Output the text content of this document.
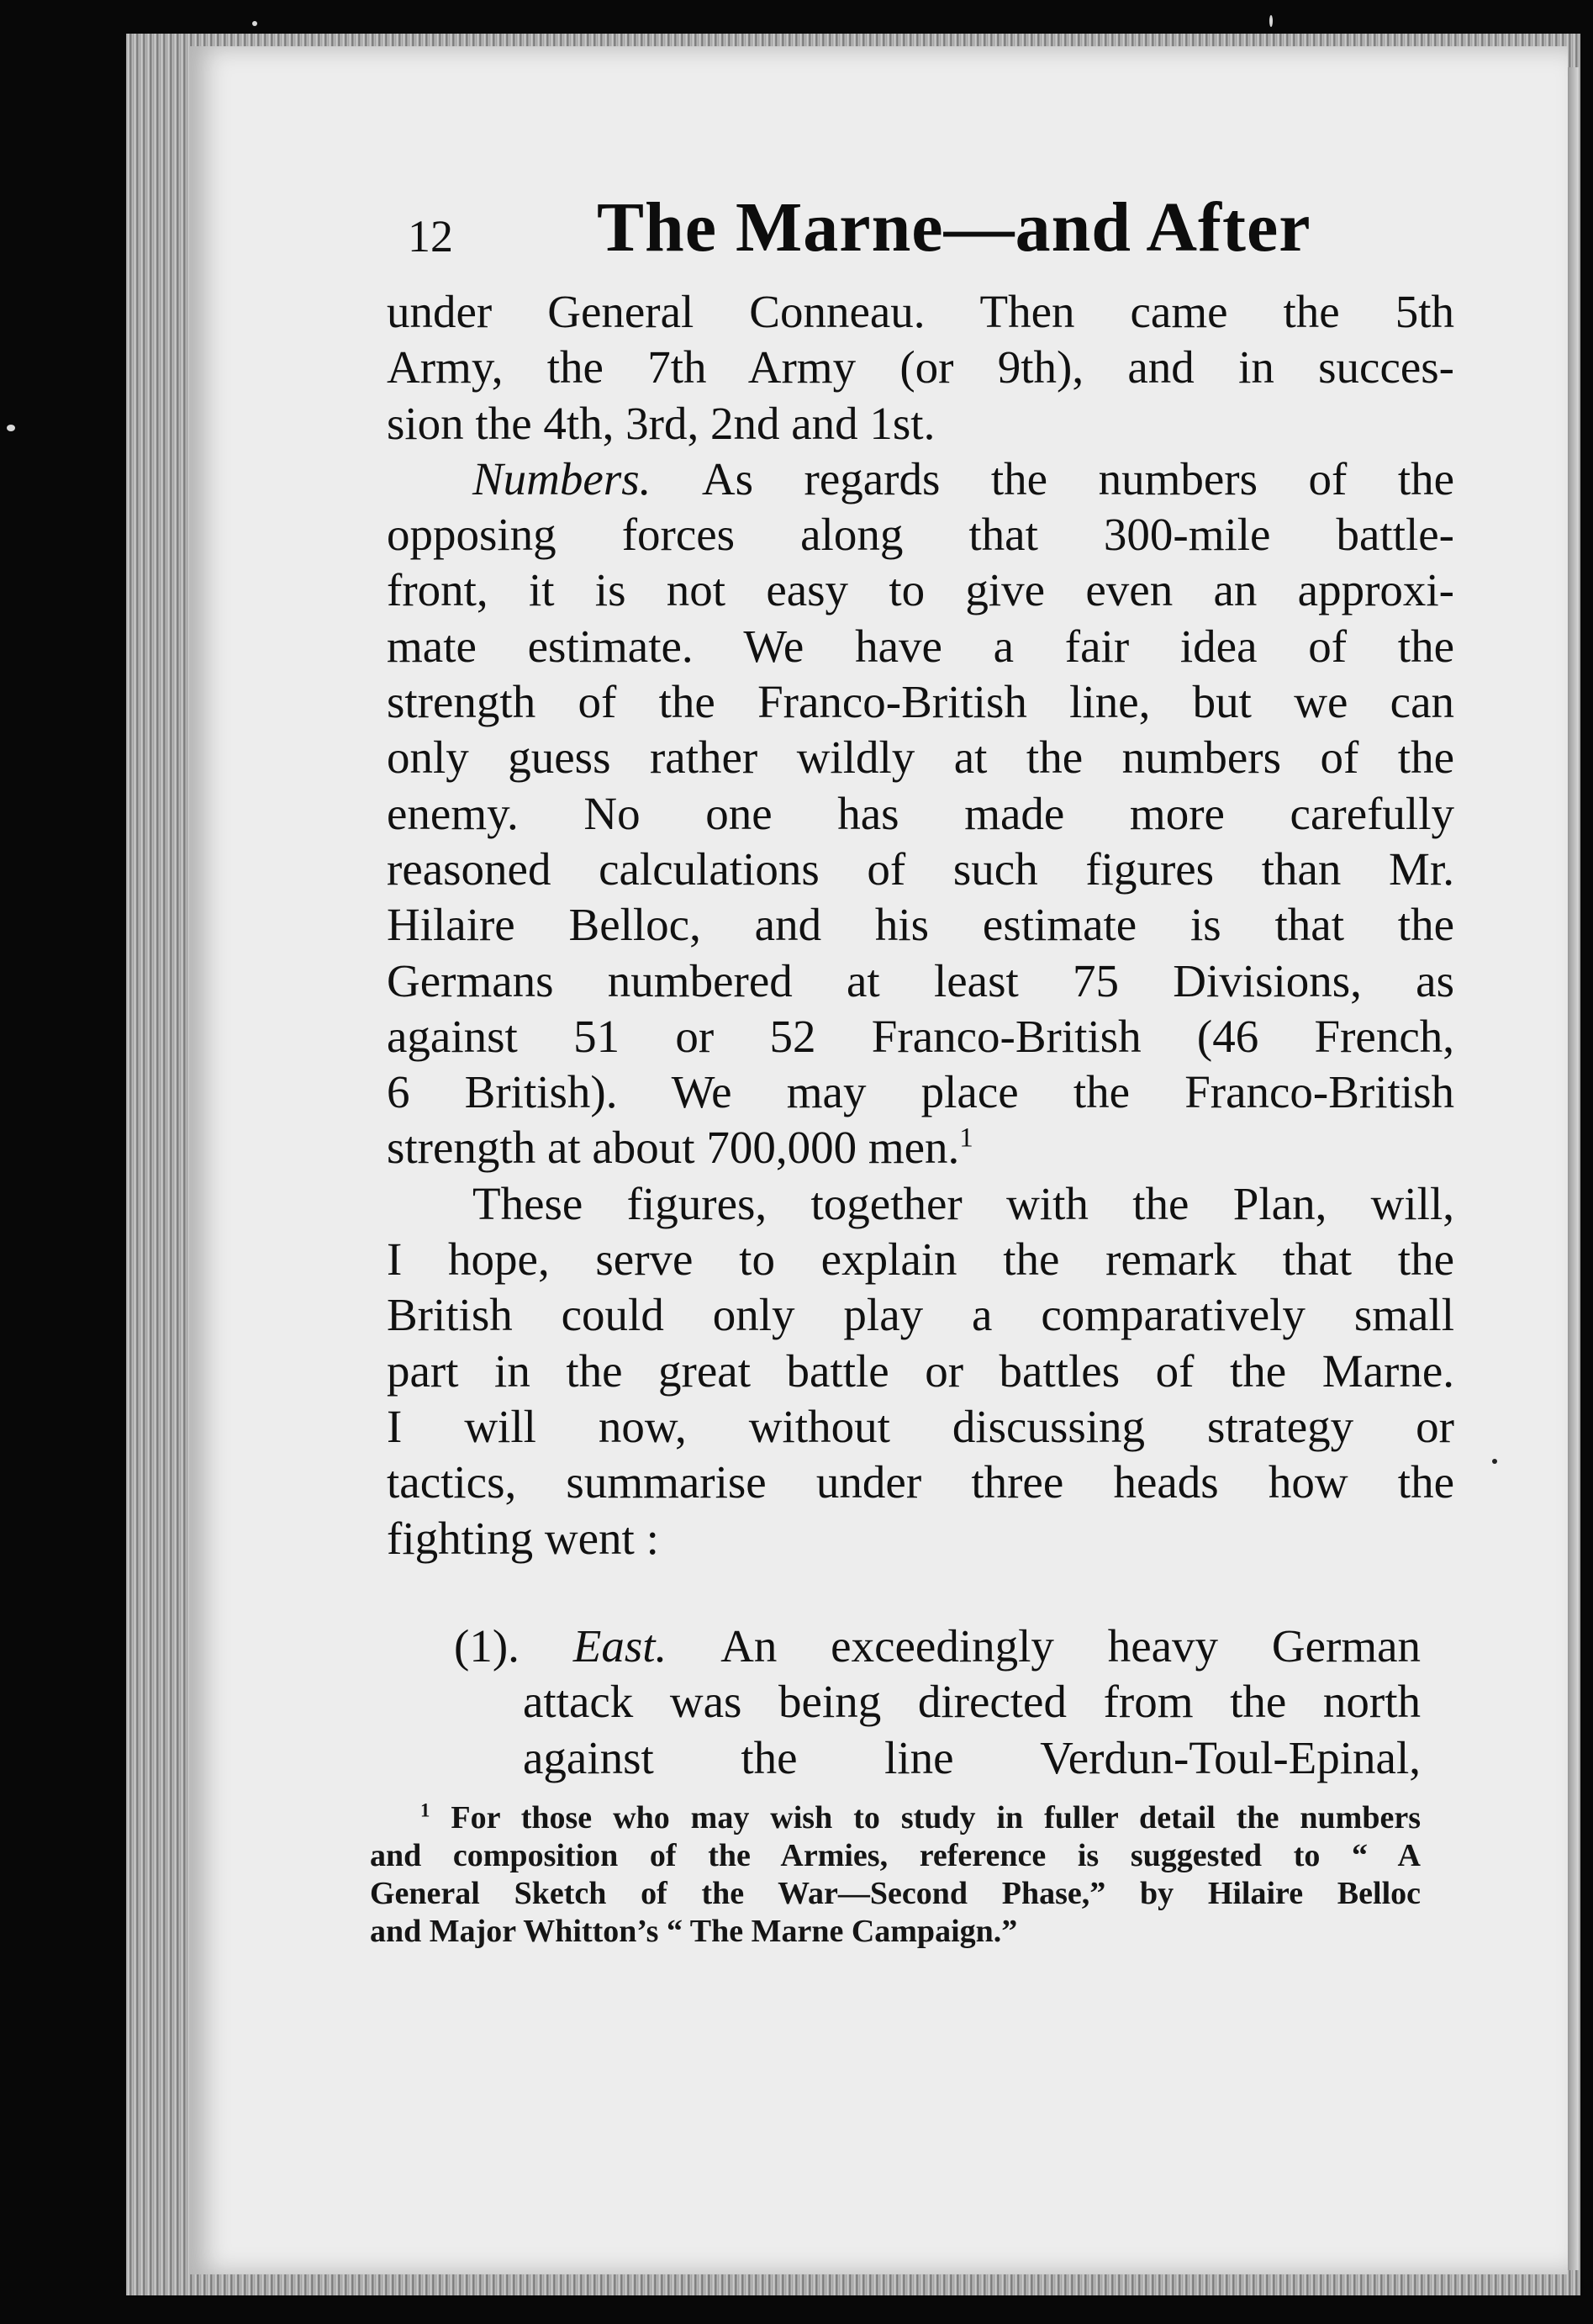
12 The Marne—and After
under General Conneau. Then came the 5th
Army, the 7th Army (or 9th), and in succes-
sion the 4th, 3rd, 2nd and 1st.
Numbers. As regards the numbers of the
opposing forces along that 300-mile battle-
front, it is not easy to give even an approxi-
mate estimate. We have a fair idea of the
strength of the Franco-British line, but we can
only guess rather wildly at the numbers of the
enemy. No one has made more carefully
reasoned calculations of such figures than Mr.
Hilaire Belloc, and his estimate is that the
Germans numbered at least 75 Divisions, as
against 51 or 52 Franco-British (46 French,
6 British). We may place the Franco-British
strength at about 700,000 men.$^1$
These figures, together with the Plan, will,
I hope, serve to explain the remark that the
British could only play a comparatively small
part in the great battle or battles of the Marne.
I will now, without discussing strategy or
tactics, summarise under three heads how the
fighting went :
(1). East. An exceedingly heavy German
attack was being directed from the north
against the line Verdun-Toul-Epinal,
$^1$ For those who may wish to study in fuller detail the numbers
and composition of the Armies, reference is suggested to “ A
General Sketch of the War—Second Phase,” by Hilaire Belloc
and Major Whitton’s “ The Marne Campaign.”
